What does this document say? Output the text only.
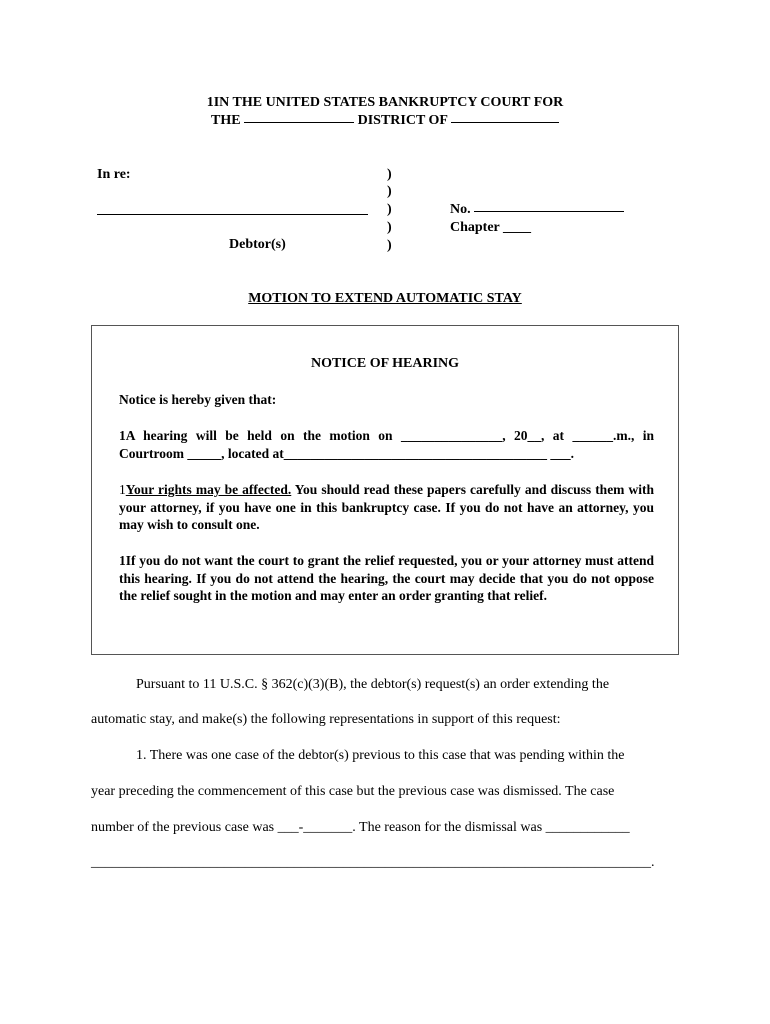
1IN THE UNITED STATES BANKRUPTCY COURT FOR
THE	DISTRICT OF
In re:
Debtor(s)
)
)
)
)
)
No.
Chapter ____
MOTION TO EXTEND AUTOMATIC STAY
NOTICE OF HEARING
Notice is hereby given that:
1A hearing will be held on the motion on _______________, 20__, at ______.m., in Courtroom _____, located at_______________________________________ ___.
1Your rights may be affected. You should read these papers carefully and discuss them with your attorney, if you have one in this bankruptcy case. If you do not have an attorney, you may wish to consult one.
1If you do not want the court to grant the relief requested, you or your attorney must attend this hearing. If you do not attend the hearing, the court may decide that you do not oppose the relief sought in the motion and may enter an order granting that relief.
Pursuant to 11 U.S.C. § 362(c)(3)(B), the debtor(s) request(s) an order extending the
automatic stay, and make(s) the following representations in support of this request:
1. There was one case of the debtor(s) previous to this case that was pending within the
year preceding the commencement of this case but the previous case was dismissed. The case
number of the previous case was ___-_______. The reason for the dismissal was ____________
________________________________________________________________________________.
